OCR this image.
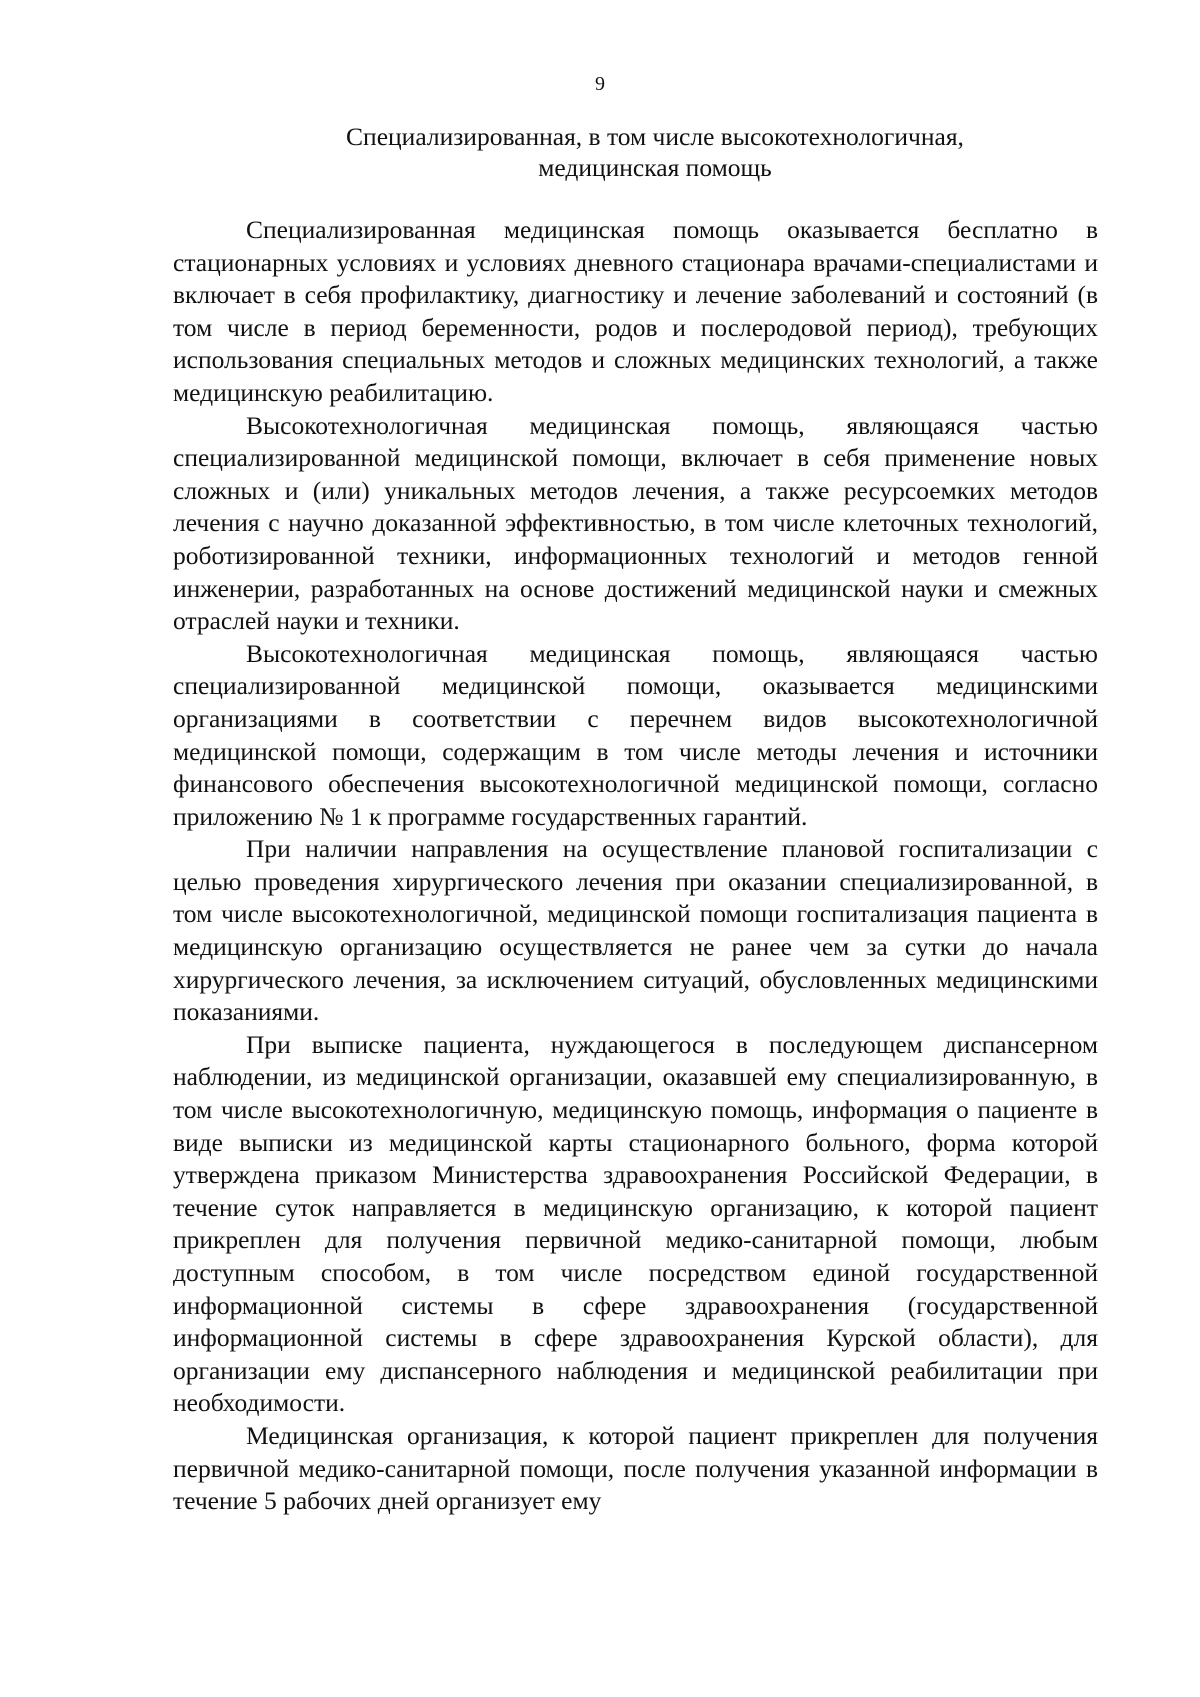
9

Специализированная, в том числе высокотехнологичная,
медицинская помощь

Специализированная медицинская помощь оказывается бесплатно в стационарных условиях и условиях дневного стационара врачами-специалистами и включает в себя профилактику, диагностику и лечение заболеваний и состояний (в том числе в период беременности, родов и послеродовой период), требующих использования специальных методов и сложных медицинских технологий, а также медицинскую реабилитацию.

Высокотехнологичная медицинская помощь, являющаяся частью специализированной медицинской помощи, включает в себя применение новых сложных и (или) уникальных методов лечения, а также ресурсоемких методов лечения с научно доказанной эффективностью, в том числе клеточных технологий, роботизированной техники, информационных технологий и методов генной инженерии, разработанных на основе достижений медицинской науки и смежных отраслей науки и техники.

Высокотехнологичная медицинская помощь, являющаяся частью специализированной медицинской помощи, оказывается медицинскими организациями в соответствии с перечнем видов высокотехнологичной медицинской помощи, содержащим в том числе методы лечения и источники финансового обеспечения высокотехнологичной медицинской помощи, согласно приложению № 1 к программе государственных гарантий.

При наличии направления на осуществление плановой госпитализации с целью проведения хирургического лечения при оказании специализированной, в том числе высокотехнологичной, медицинской помощи госпитализация пациента в медицинскую организацию осуществляется не ранее чем за сутки до начала хирургического лечения, за исключением ситуаций, обусловленных медицинскими показаниями.

При выписке пациента, нуждающегося в последующем диспансерном наблюдении, из медицинской организации, оказавшей ему специализированную, в том числе высокотехнологичную, медицинскую помощь, информация о пациенте в виде выписки из медицинской карты стационарного больного, форма которой утверждена приказом Министерства здравоохранения Российской Федерации, в течение суток направляется в медицинскую организацию, к которой пациент прикреплен для получения первичной медико-санитарной помощи, любым доступным способом, в том числе посредством единой государственной информационной системы в сфере здравоохранения (государственной информационной системы в сфере здравоохранения Курской области), для организации ему диспансерного наблюдения и медицинской реабилитации при необходимости.

Медицинская организация, к которой пациент прикреплен для получения первичной медико-санитарной помощи, после получения указанной информации в течение 5 рабочих дней организует ему
